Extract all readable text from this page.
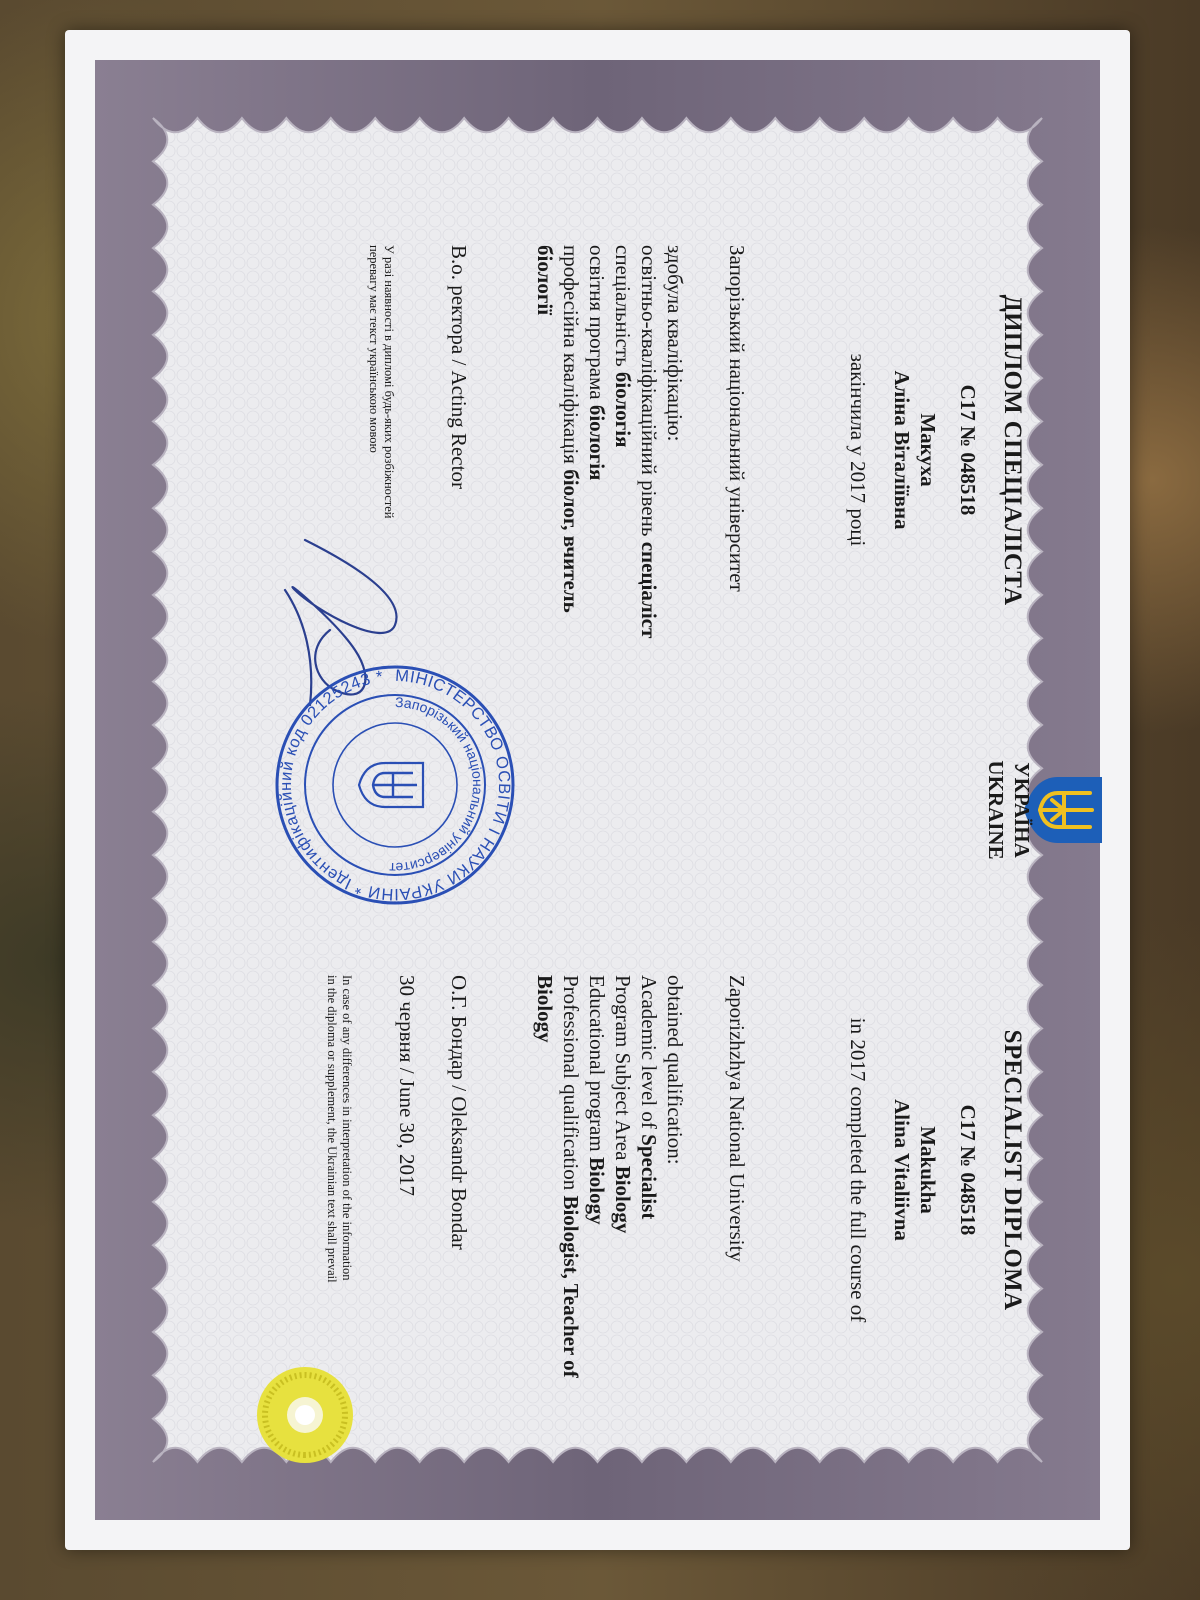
ДИПЛОМ СПЕЦІАЛІСТА
С17 № 048518
Макуха
Аліна Віталіївна
закінчила у 2017 році
Запорізький національний університет
здобула кваліфікацію:
освітньо-кваліфікаційний рівень спеціаліст
спеціальність біологія
освітня програма біологія
професійна кваліфікація біолог, вчитель
біології
В.о. ректора / Acting Rector
У разі наявності в дипломі будь-яких розбіжностей
перевагу має текст українською мовою
МІНІСТЕРСТВО ОСВІТИ І НАУКИ УКРАЇНИ * Ідентифікаційний код 02125243 *
Запорізький національний університет
УКРАЇНА
UKRAINE
SPECIALIST DIPLOMA
С17 № 048518
Makukha
Alina Vitaliivna
in 2017 completed the full course of
Zaporizhzhya National University
obtained qualification:
Academic level of Specialist
Program Subject Area Biology
Educational program Biology
Professional qualification Biologist, Teacher of
Biology
О.Г. Бондар / Oleksandr Bondar
30 червня / June 30, 2017
In case of any differences in interpretation of the information
in the diploma or supplement, the Ukrainian text shall prevail
